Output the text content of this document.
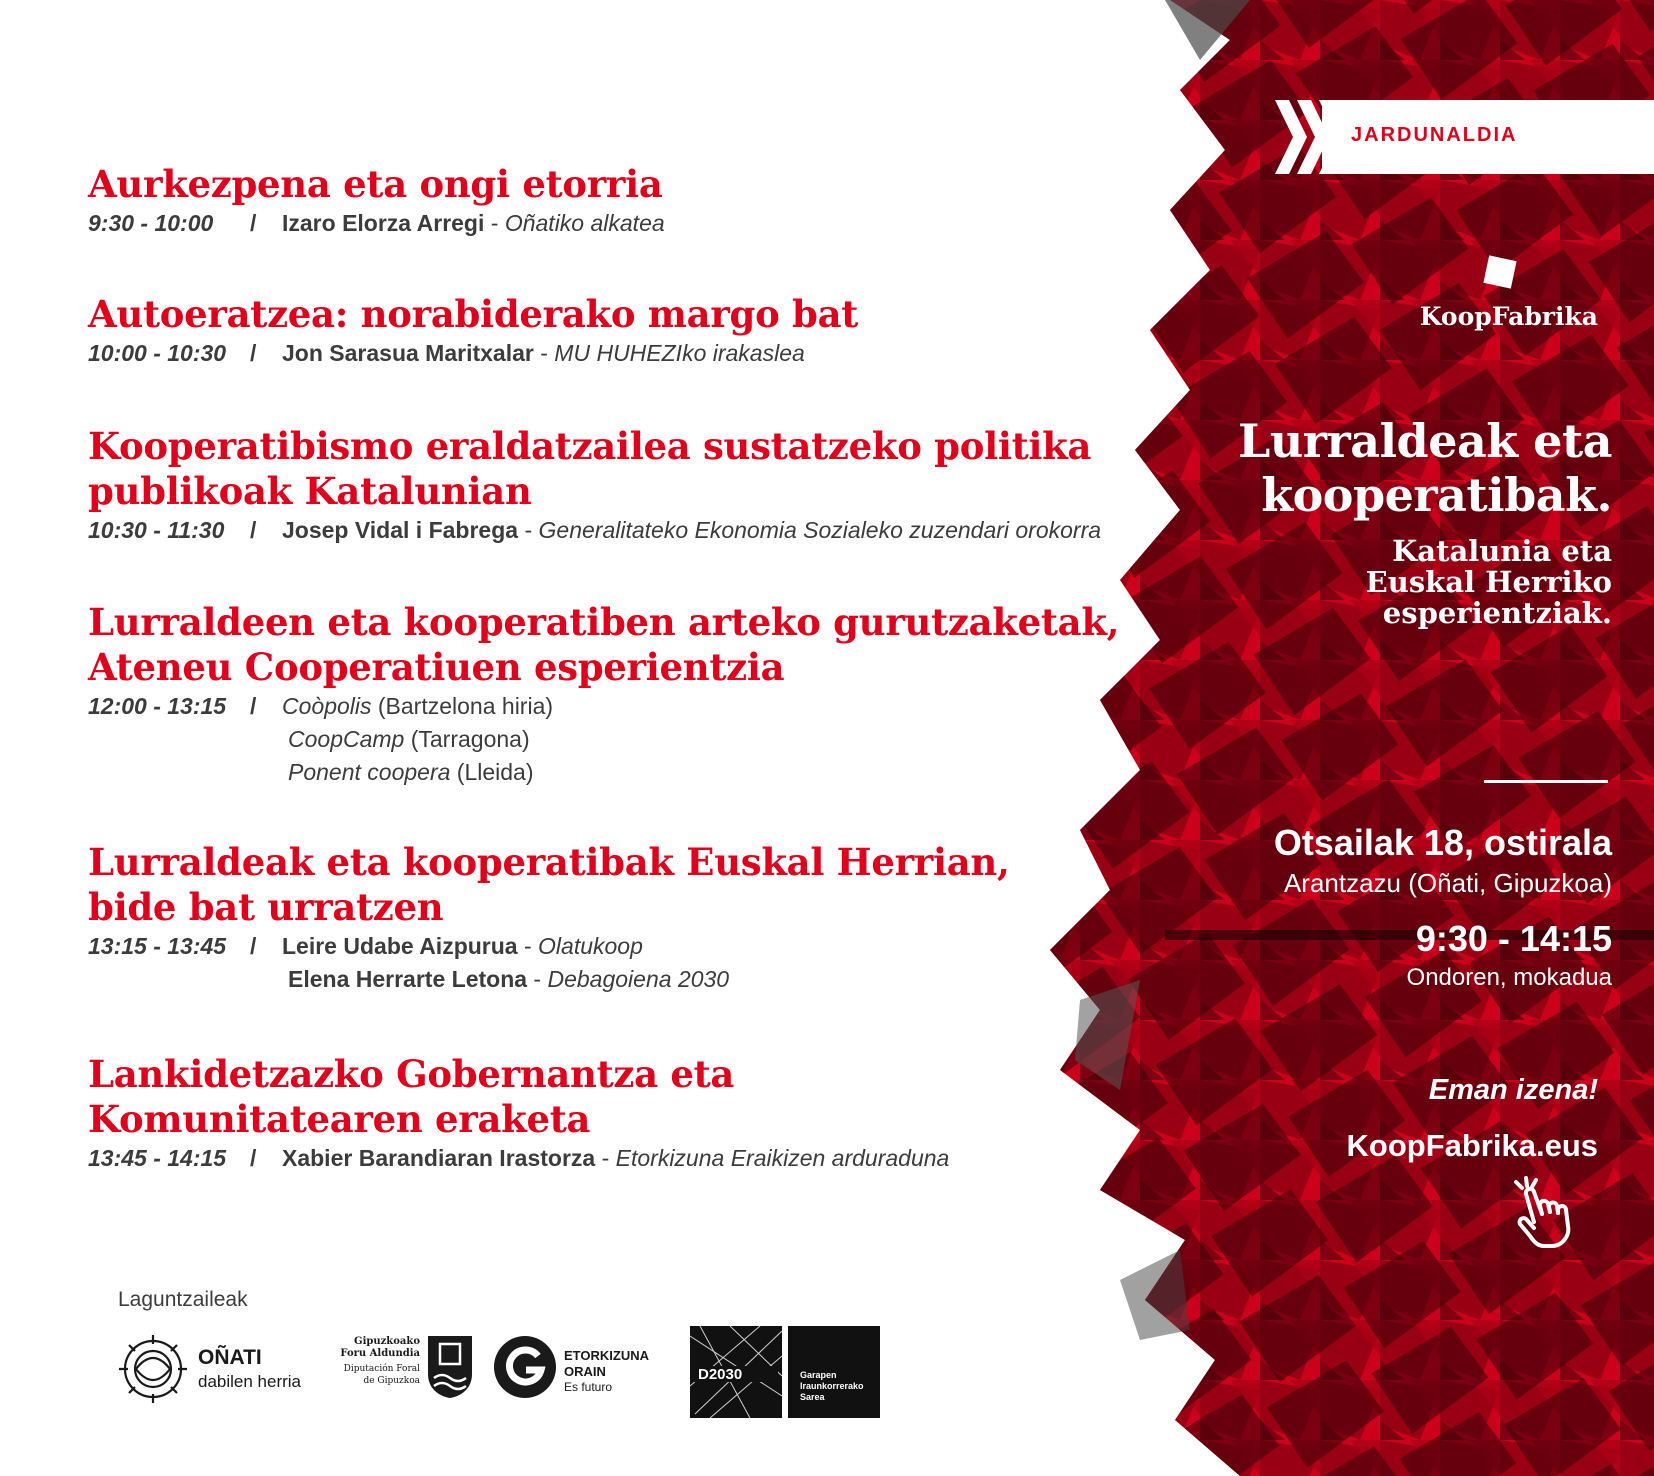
JARDUNALDIA
KoopFabrika
Lurraldeak eta
kooperatibak.
Katalunia eta
Euskal Herriko
esperientziak.
Otsailak 18, ostirala
Arantzazu (Oñati, Gipuzkoa)
9:30 - 14:15
Ondoren, mokadua
Eman izena!
KoopFabrika.eus
Aurkezpena eta ongi etorria
9:30 - 10:00 / Izaro Elorza Arregi - Oñatiko alkatea
Autoeratzea: norabiderako margo bat
10:00 - 10:30 / Jon Sarasua Maritxalar - MU HUHEZIko irakaslea
Kooperatibismo eraldatzailea sustatzeko politika
publikoak Katalunian
10:30 - 11:30 / Josep Vidal i Fabrega - Generalitateko Ekonomia Sozialeko zuzendari orokorra
Lurraldeen eta kooperatiben arteko gurutzaketak,
Ateneu Cooperatiuen esperientzia
12:00 - 13:15 / Coòpolis (Bartzelona hiria)
CoopCamp (Tarragona)
Ponent coopera (Lleida)
Lurraldeak eta kooperatibak Euskal Herrian,
bide bat urratzen
13:15 - 13:45 / Leire Udabe Aizpurua - Olatukoop
Elena Herrarte Letona - Debagoiena 2030
Lankidetzazko Gobernantza eta
Komunitatearen eraketa
13:45 - 14:15 / Xabier Barandiaran Irastorza - Etorkizuna Eraikizen arduraduna
Laguntzaileak
OÑATI
dabilen herria
Gipuzkoako
Foru Aldundia
Diputación Foral
de Gipuzkoa
ETORKIZUNA
ORAIN
Es futuro
D2030	Garapen
Iraunkorrerako
Sarea
